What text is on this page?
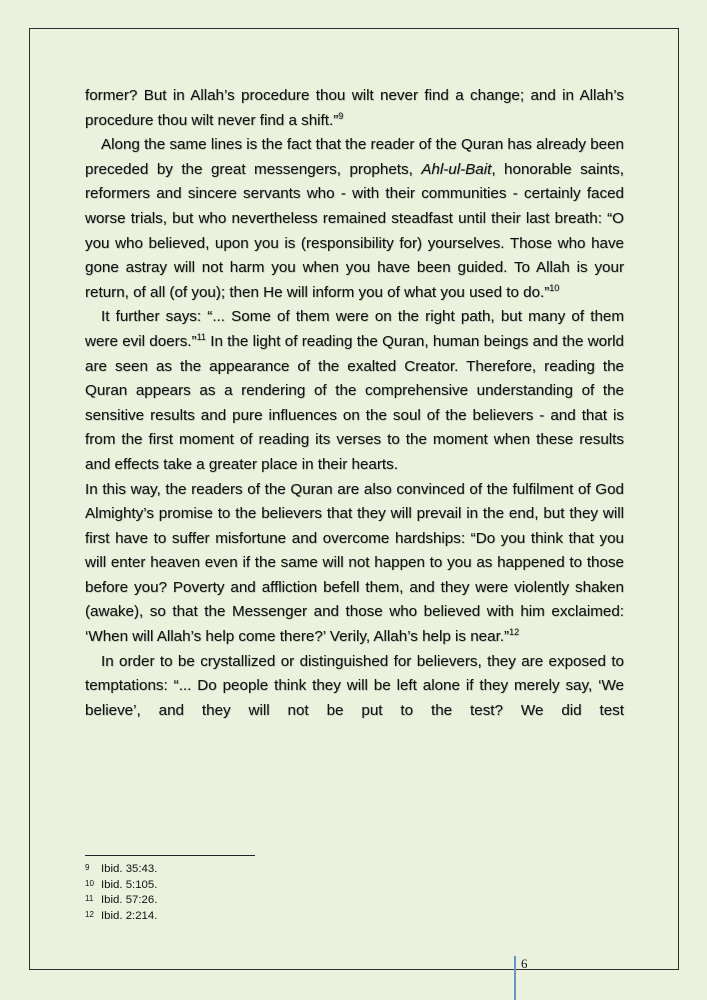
former? But in Allah’s procedure thou wilt never find a change; and in Allah’s procedure thou wilt never find a shift.”$^9$

Along the same lines is the fact that the reader of the Quran has already been preceded by the great messengers, prophets, Ahl-ul-Bait, honorable saints, reformers and sincere servants who - with their communities - certainly faced worse trials, but who nevertheless remained steadfast until their last breath: “O you who believed, upon you is (responsibility for) yourselves. Those who have gone astray will not harm you when you have been guided. To Allah is your return, of all (of you); then He will inform you of what you used to do.”$^{10}$

It further says: “... Some of them were on the right path, but many of them were evil doers.”$^{11}$ In the light of reading the Quran, human beings and the world are seen as the appearance of the exalted Creator. Therefore, reading the Quran appears as a rendering of the comprehensive understanding of the sensitive results and pure influences on the soul of the believers - and that is from the first moment of reading its verses to the moment when these results and effects take a greater place in their hearts.

In this way, the readers of the Quran are also convinced of the fulfilment of God Almighty’s promise to the believers that they will prevail in the end, but they will first have to suffer misfortune and overcome hardships: “Do you think that you will enter heaven even if the same will not happen to you as happened to those before you? Poverty and affliction befell them, and they were violently shaken (awake), so that the Messenger and those who believed with him exclaimed: ‘When will Allah’s help come there?’ Verily, Allah’s help is near.”$^{12}$

In order to be crystallized or distinguished for believers, they are exposed to temptations: “... Do people think they will be left alone if they merely say, ‘We believe’, and they will not be put to the test? We did test

9	Ibid. 35:43.
10 Ibid. 5:105.
11 Ibid. 57:26.
12 Ibid. 2:214.
6
